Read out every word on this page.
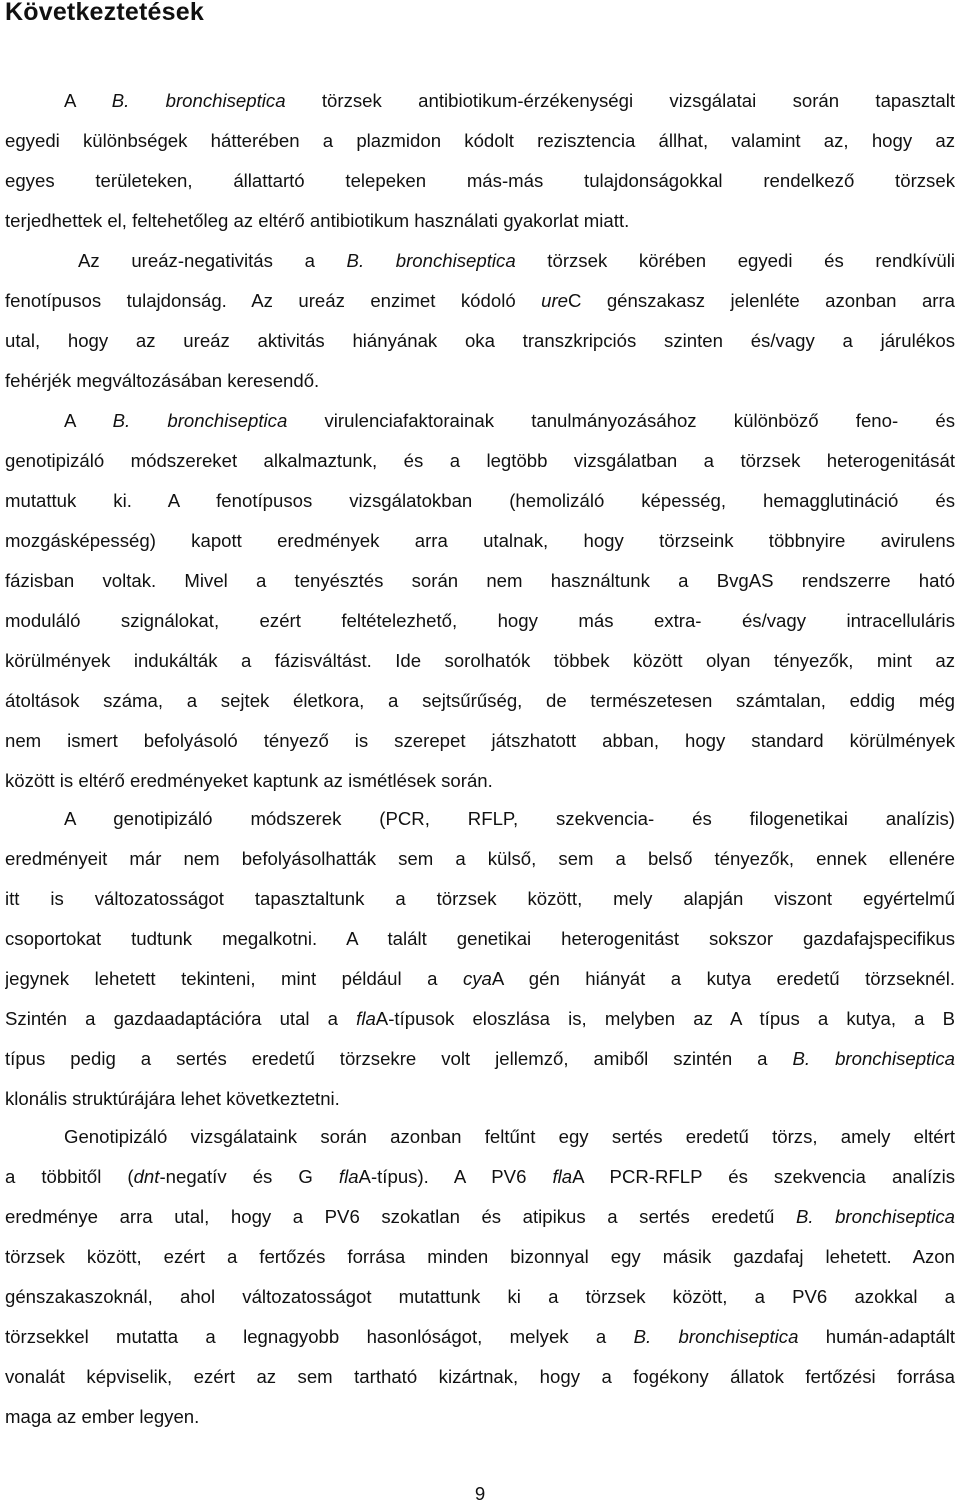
Következtetések
A B. bronchiseptica törzsek antibiotikum-érzékenységi vizsgálatai során tapasztalt
egyedi különbségek hátterében a plazmidon kódolt rezisztencia állhat, valamint az, hogy az
egyes területeken, állattartó telepeken más-más tulajdonságokkal rendelkező törzsek
terjedhettek el, feltehetőleg az eltérő antibiotikum használati gyakorlat miatt.
Az ureáz-negativitás a B. bronchiseptica törzsek körében egyedi és rendkívüli
fenotípusos tulajdonság. Az ureáz enzimet kódoló ureC génszakasz jelenléte azonban arra
utal, hogy az ureáz aktivitás hiányának oka transzkripciós szinten és/vagy a járulékos
fehérjék megváltozásában keresendő.
A B. bronchiseptica virulenciafaktorainak tanulmányozásához különböző feno- és
genotipizáló módszereket alkalmaztunk, és a legtöbb vizsgálatban a törzsek heterogenitását
mutattuk ki. A fenotípusos vizsgálatokban (hemolizáló képesség, hemagglutináció és
mozgásképesség) kapott eredmények arra utalnak, hogy törzseink többnyire avirulens
fázisban voltak. Mivel a tenyésztés során nem használtunk a BvgAS rendszerre ható
moduláló szignálokat, ezért feltételezhető, hogy más extra- és/vagy intracelluláris
körülmények indukálták a fázisváltást. Ide sorolhatók többek között olyan tényezők, mint az
átoltások száma, a sejtek életkora, a sejtsűrűség, de természetesen számtalan, eddig még
nem ismert befolyásoló tényező is szerepet játszhatott abban, hogy standard körülmények
között is eltérő eredményeket kaptunk az ismétlések során.
A genotipizáló módszerek (PCR, RFLP, szekvencia- és filogenetikai analízis)
eredményeit már nem befolyásolhatták sem a külső, sem a belső tényezők, ennek ellenére
itt is változatosságot tapasztaltunk a törzsek között, mely alapján viszont egyértelmű
csoportokat tudtunk megalkotni. A talált genetikai heterogenitást sokszor gazdafajspecifikus
jegynek lehetett tekinteni, mint például a cyaA gén hiányát a kutya eredetű törzseknél.
Szintén a gazdaadaptációra utal a flaA-típusok eloszlása is, melyben az A típus a kutya, a B
típus pedig a sertés eredetű törzsekre volt jellemző, amiből szintén a B. bronchiseptica
klonális struktúrájára lehet következtetni.
Genotipizáló vizsgálataink során azonban feltűnt egy sertés eredetű törzs, amely eltért
a többitől (dnt-negatív és G flaA-típus). A PV6 flaA PCR-RFLP és szekvencia analízis
eredménye arra utal, hogy a PV6 szokatlan és atipikus a sertés eredetű B. bronchiseptica
törzsek között, ezért a fertőzés forrása minden bizonnyal egy másik gazdafaj lehetett. Azon
génszakaszoknál, ahol változatosságot mutattunk ki a törzsek között, a PV6 azokkal a
törzsekkel mutatta a legnagyobb hasonlóságot, melyek a B. bronchiseptica humán-adaptált
vonalát képviselik, ezért az sem tartható kizártnak, hogy a fogékony állatok fertőzési forrása
maga az ember legyen.
9
